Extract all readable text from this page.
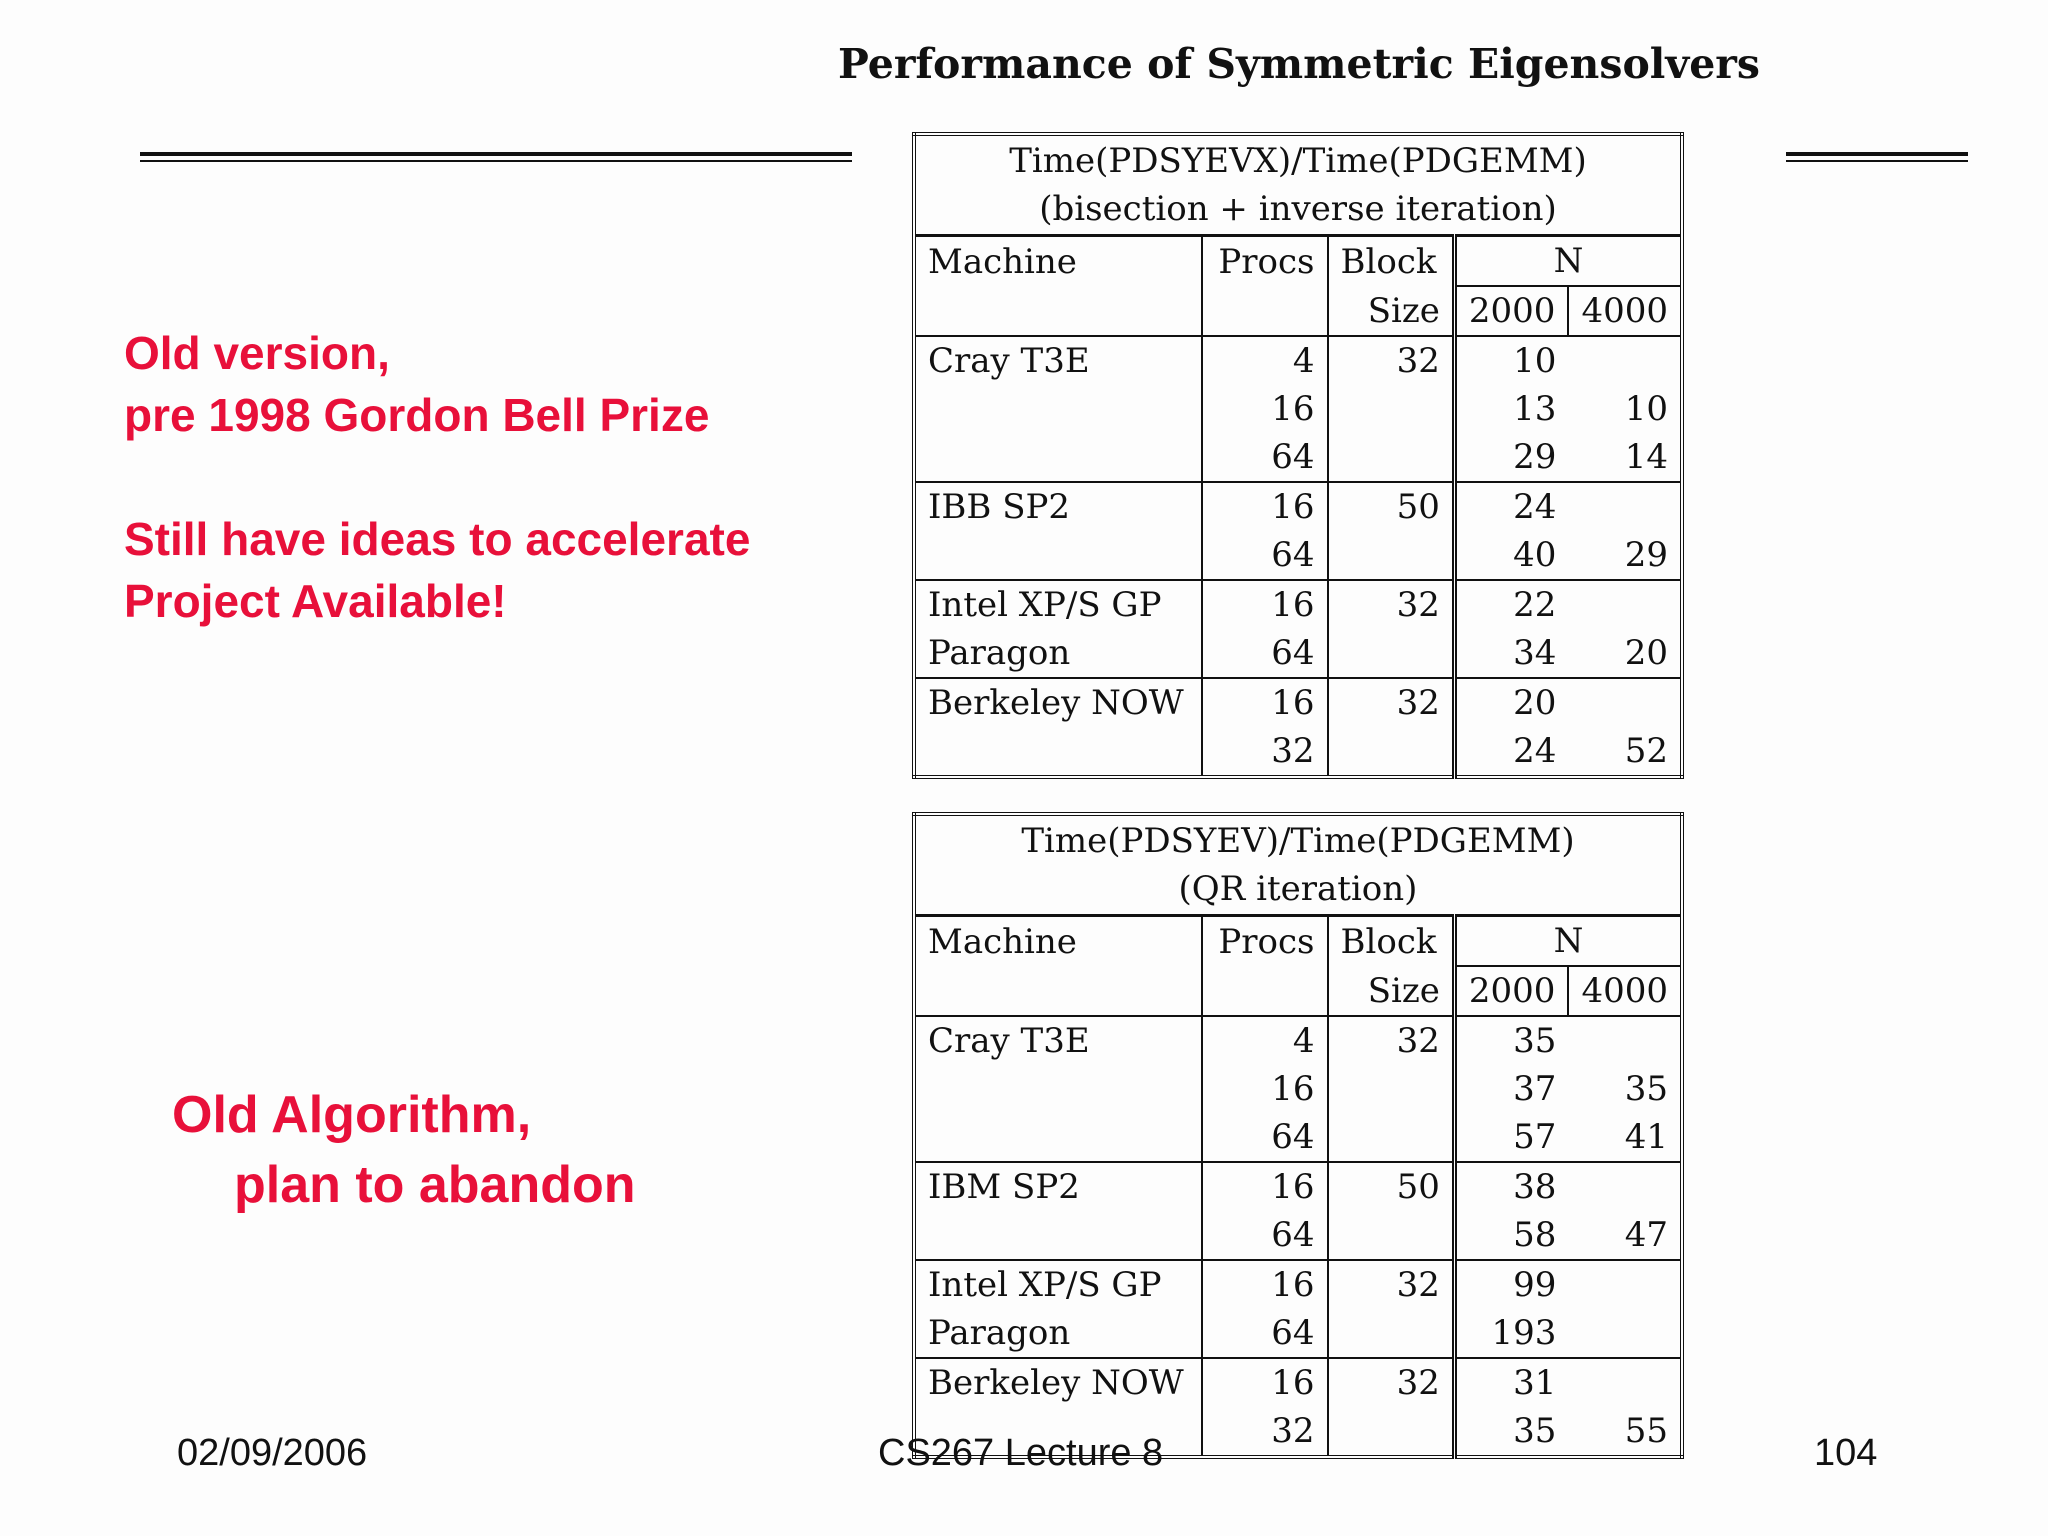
Performance of Symmetric Eigensolvers
Old version,
pre 1998 Gordon Bell Prize
Still have ideas to accelerate
Project Available!
Old Algorithm,
plan to abandon
Time(PDSYEVX)/Time(PDGEMM)
(bisection + inverse iteration)				

Machine	Procs	Block	N	
		Size	2000	4000
Cray T3E	4	32	10	
	16		13	10
	64		29	14
IBB SP2	16	50	24	
	64		40	29
Intel XP/S GP	16	32	22	
Paragon	64		34	20
Berkeley NOW	16	32	20	
	32		24	52
Time(PDSYEV)/Time(PDGEMM)
(QR iteration)				

Machine	Procs	Block	N	
		Size	2000	4000
Cray T3E	4	32	35	
	16		37	35
	64		57	41
IBM SP2	16	50	38	
	64		58	47
Intel XP/S GP	16	32	99	
Paragon	64		193	
Berkeley NOW	16	32	31	
	32		35	55
02/09/2006	CS267 Lecture 8	104
